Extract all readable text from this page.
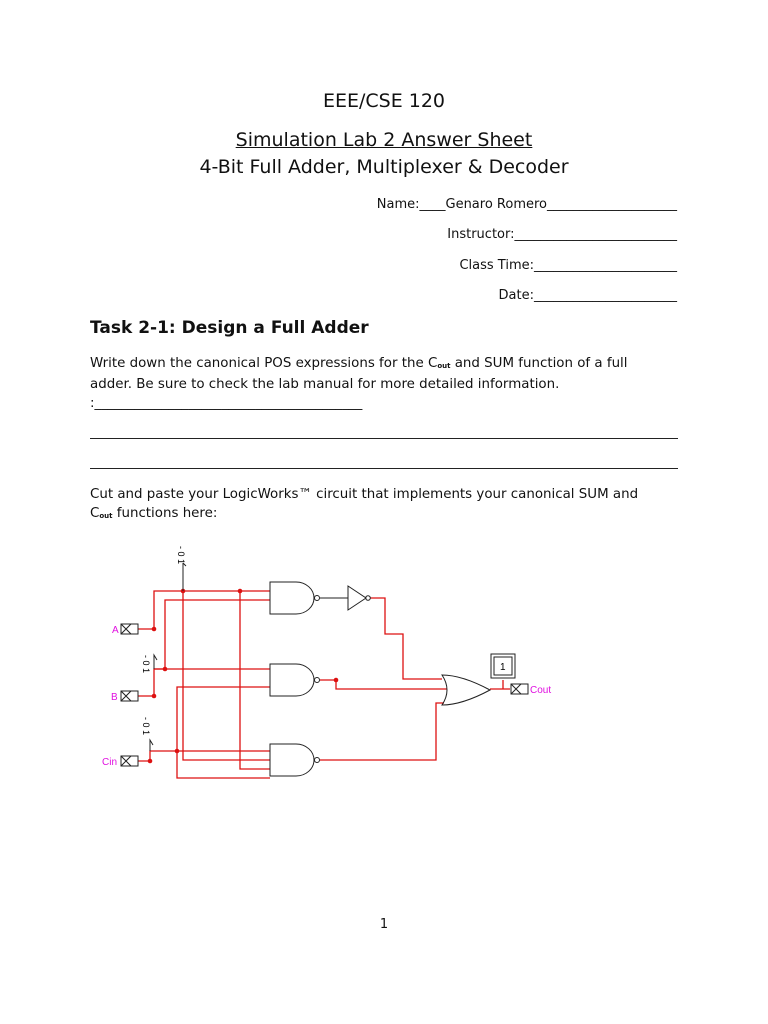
EEE/CSE 120
Simulation Lab 2 Answer Sheet
4-Bit Full Adder, Multiplexer & Decoder
Name:____Genaro Romero____________________
Instructor:_________________________
Class Time:______________________
Date:______________________
Task 2-1: Design a Full Adder
Write down the canonical POS expressions for the $C_{out}$ and SUM function of a full
adder. Be sure to check the lab manual for more detailed information.
:________________________________________
Cut and paste your LogicWorks™ circuit that implements your canonical SUM and
$C_{out}$ functions here:
1
A
B
Cin
Cout
- 0 1
- 0 1
- 0 1
1
